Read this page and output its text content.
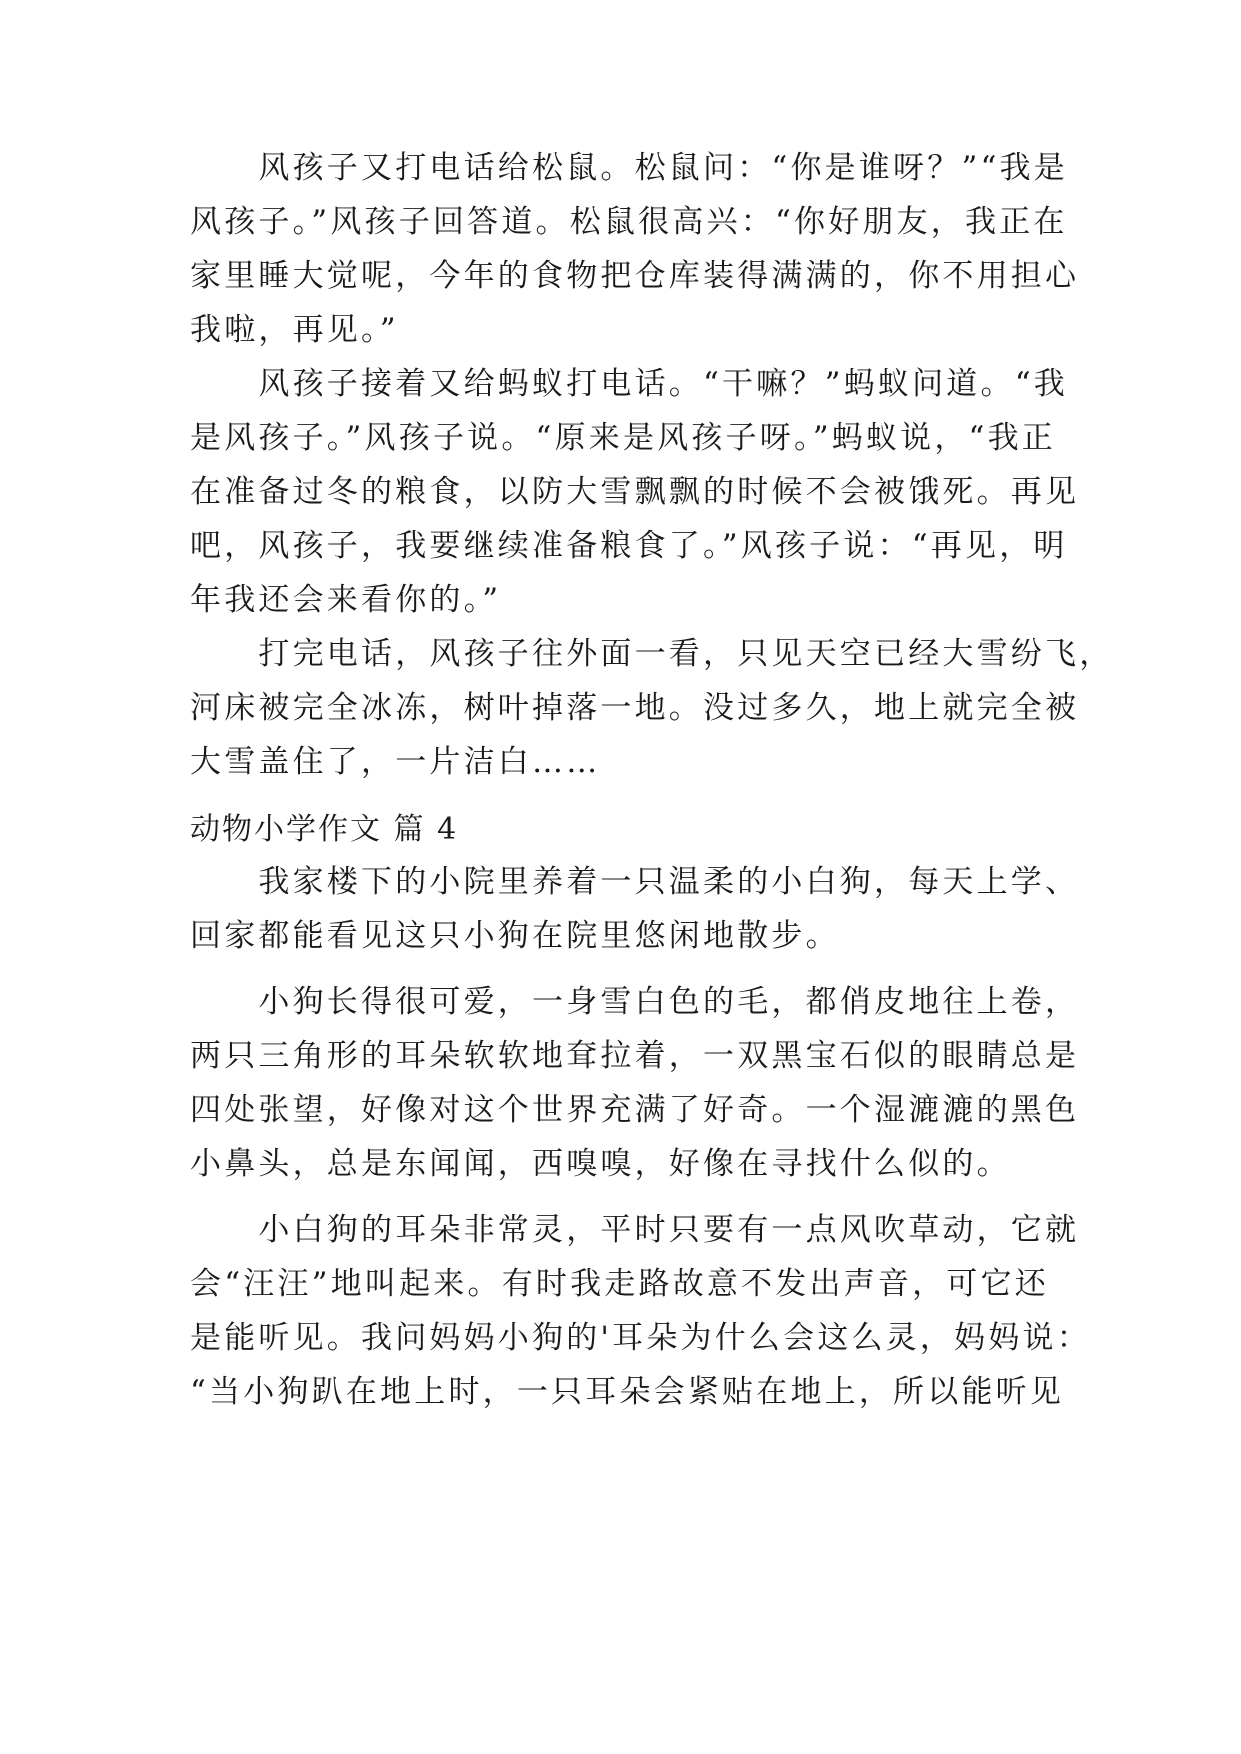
　　风孩子又打电话给松鼠。松鼠问：“你是谁呀？”“我是
风孩子。”风孩子回答道。松鼠很高兴：“你好朋友，我正在
家里睡大觉呢，今年的食物把仓库装得满满的，你不用担心
我啦，再见。”
　　风孩子接着又给蚂蚁打电话。“干嘛？”蚂蚁问道。“我
是风孩子。”风孩子说。“原来是风孩子呀。”蚂蚁说，“我正
在准备过冬的粮食，以防大雪飘飘的时候不会被饿死。再见
吧，风孩子，我要继续准备粮食了。”风孩子说：“再见，明
年我还会来看你的。”
　　打完电话，风孩子往外面一看，只见天空已经大雪纷飞，
河床被完全冰冻，树叶掉落一地。没过多久，地上就完全被
大雪盖住了，一片洁白……
动物小学作文 篇 4
　　我家楼下的小院里养着一只温柔的小白狗，每天上学、
回家都能看见这只小狗在院里悠闲地散步。
　　小狗长得很可爱，一身雪白色的毛，都俏皮地往上卷，
两只三角形的耳朵软软地耷拉着，一双黑宝石似的眼睛总是
四处张望，好像对这个世界充满了好奇。一个湿漉漉的黑色
小鼻头，总是东闻闻，西嗅嗅，好像在寻找什么似的。
　　小白狗的耳朵非常灵，平时只要有一点风吹草动，它就
会“汪汪”地叫起来。有时我走路故意不发出声音，可它还
是能听见。我问妈妈小狗的'耳朵为什么会这么灵，妈妈说：
“当小狗趴在地上时，一只耳朵会紧贴在地上，所以能听见
